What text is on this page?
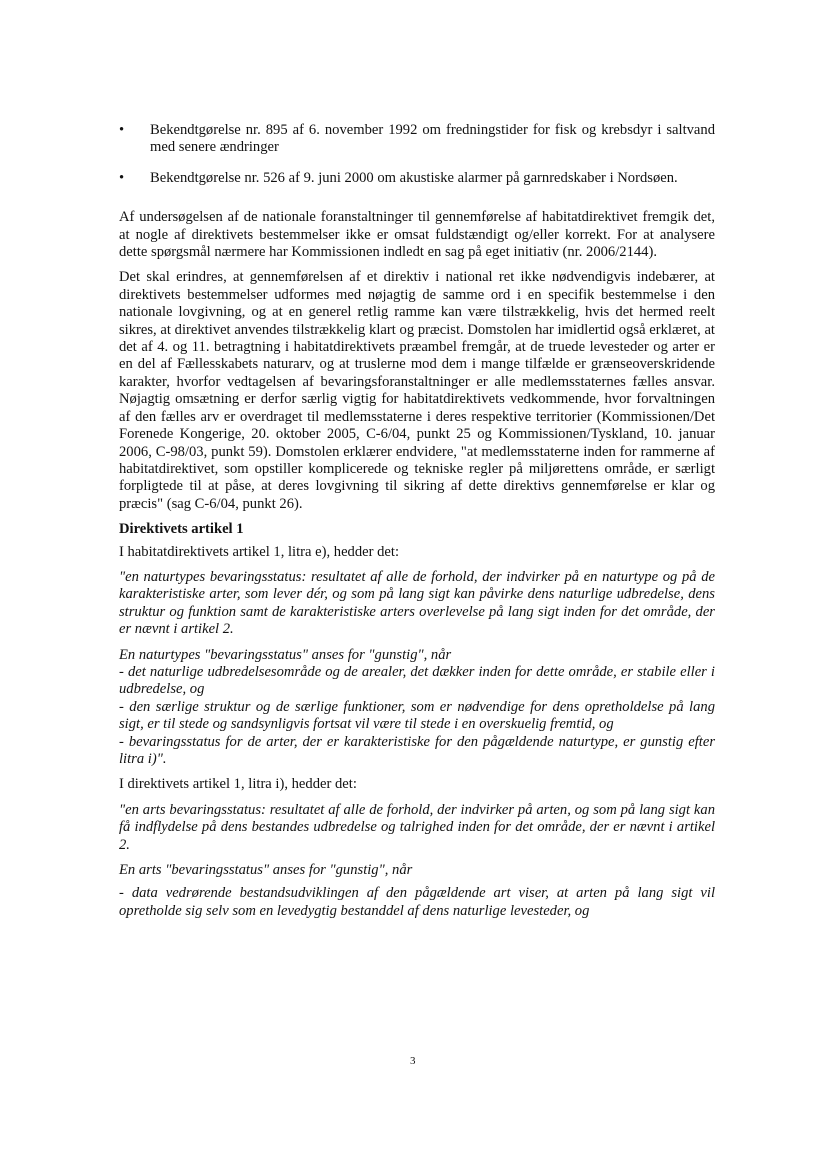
• Bekendtgørelse nr. 895 af 6. november 1992 om fredningstider for fisk og krebsdyr i saltvand med senere ændringer
• Bekendtgørelse nr. 526 af 9. juni 2000 om akustiske alarmer på garnredskaber i Nordsøen.

Af undersøgelsen af de nationale foranstaltninger til gennemførelse af habitatdirektivet fremgik det, at nogle af direktivets bestemmelser ikke er omsat fuldstændigt og/eller korrekt. For at analysere dette spørgsmål nærmere har Kommissionen indledt en sag på eget initiativ (nr. 2006/2144).

Det skal erindres, at gennemførelsen af et direktiv i national ret ikke nødvendigvis indebærer, at direktivets bestemmelser udformes med nøjagtig de samme ord i en specifik bestemmelse i den nationale lovgivning, og at en generel retlig ramme kan være tilstrækkelig, hvis det hermed reelt sikres, at direktivet anvendes tilstrækkelig klart og præcist. Domstolen har imidlertid også erklæret, at det af 4. og 11. betragtning i habitatdirektivets præambel fremgår, at de truede levesteder og arter er en del af Fællesskabets naturarv, og at truslerne mod dem i mange tilfælde er grænseoverskridende karakter, hvorfor vedtagelsen af bevaringsforanstaltninger er alle medlemsstaternes fælles ansvar. Nøjagtig omsætning er derfor særlig vigtig for habitatdirektivets vedkommende, hvor forvaltningen af den fælles arv er overdraget til medlemsstaterne i deres respektive territorier (Kommissionen/Det Forenede Kongerige, 20. oktober 2005, C-6/04, punkt 25 og Kommissionen/Tyskland, 10. januar 2006, C-98/03, punkt 59). Domstolen erklærer endvidere, "at medlemsstaterne inden for rammerne af habitatdirektivet, som opstiller komplicerede og tekniske regler på miljørettens område, er særligt forpligtede til at påse, at deres lovgivning til sikring af dette direktivs gennemførelse er klar og præcis" (sag C-6/04, punkt 26).

Direktivets artikel 1

I habitatdirektivets artikel 1, litra e), hedder det:

"en naturtypes bevaringsstatus: resultatet af alle de forhold, der indvirker på en naturtype og på de karakteristiske arter, som lever dér, og som på lang sigt kan påvirke dens naturlige udbredelse, dens struktur og funktion samt de karakteristiske arters overlevelse på lang sigt inden for det område, der er nævnt i artikel 2.

En naturtypes "bevaringsstatus" anses for "gunstig", når
- det naturlige udbredelsesområde og de arealer, det dækker inden for dette område, er stabile eller i udbredelse, og
- den særlige struktur og de særlige funktioner, som er nødvendige for dens opretholdelse på lang sigt, er til stede og sandsynligvis fortsat vil være til stede i en overskuelig fremtid, og
- bevaringsstatus for de arter, der er karakteristiske for den pågældende naturtype, er gunstig efter litra i)".

I direktivets artikel 1, litra i), hedder det:

"en arts bevaringsstatus: resultatet af alle de forhold, der indvirker på arten, og som på lang sigt kan få indflydelse på dens bestandes udbredelse og talrighed inden for det område, der er nævnt i artikel 2.

En arts "bevaringsstatus" anses for "gunstig", når
- data vedrørende bestandsudviklingen af den pågældende art viser, at arten på lang sigt vil opretholde sig selv som en levedygtig bestanddel af dens naturlige levesteder, og

3
